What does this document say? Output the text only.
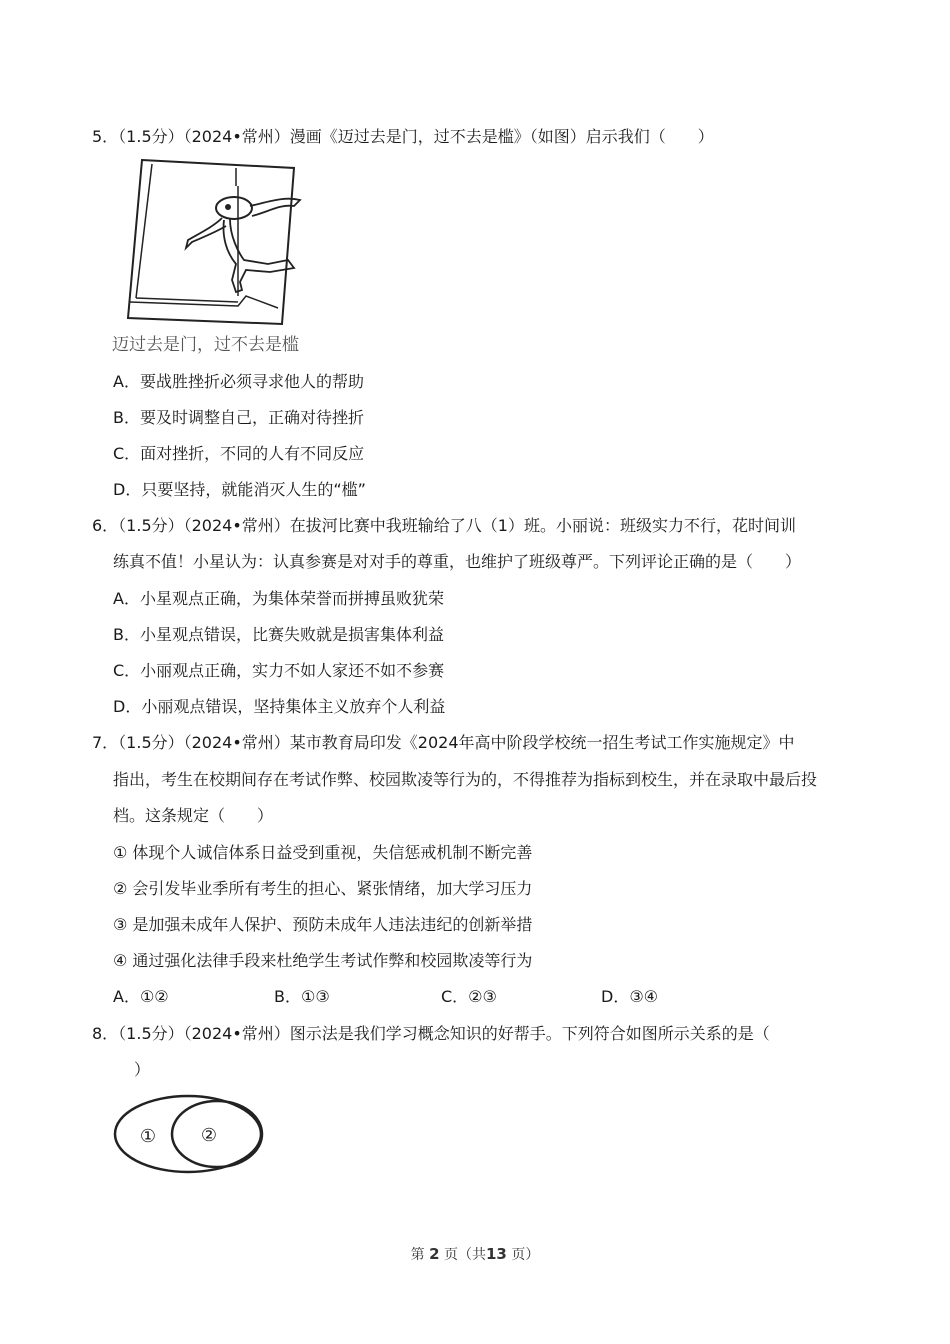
5．（1.5分）（2024•常州）漫画《迈过去是门，过不去是槛》（如图）启示我们（　　）
迈过去是门，过不去是槛
A．要战胜挫折必须寻求他人的帮助
B．要及时调整自己，正确对待挫折
C．面对挫折，不同的人有不同反应
D．只要坚持，就能消灭人生的“槛”
6．（1.5分）（2024•常州）在拔河比赛中我班输给了八（1）班。小丽说：班级实力不行，花时间训
练真不值！小星认为：认真参赛是对对手的尊重，也维护了班级尊严。下列评论正确的是（　　）
A．小星观点正确，为集体荣誉而拼搏虽败犹荣
B．小星观点错误，比赛失败就是损害集体利益
C．小丽观点正确，实力不如人家还不如不参赛
D．小丽观点错误，坚持集体主义放弃个人利益
7．（1.5分）（2024•常州）某市教育局印发《2024年高中阶段学校统一招生考试工作实施规定》中
指出，考生在校期间存在考试作弊、校园欺凌等行为的，不得推荐为指标到校生，并在录取中最后投
档。这条规定（　　）
① 体现个人诚信体系日益受到重视，失信惩戒机制不断完善
② 会引发毕业季所有考生的担心、紧张情绪，加大学习压力
③ 是加强未成年人保护、预防未成年人违法违纪的创新举措
④ 通过强化法律手段来杜绝学生考试作弊和校园欺凌等行为
A．①②	B．①③	C．②③	D．③④
8．（1.5分）（2024•常州）图示法是我们学习概念知识的好帮手。下列符合如图所示关系的是（
）
① ②
第 2 页（共13 页）
